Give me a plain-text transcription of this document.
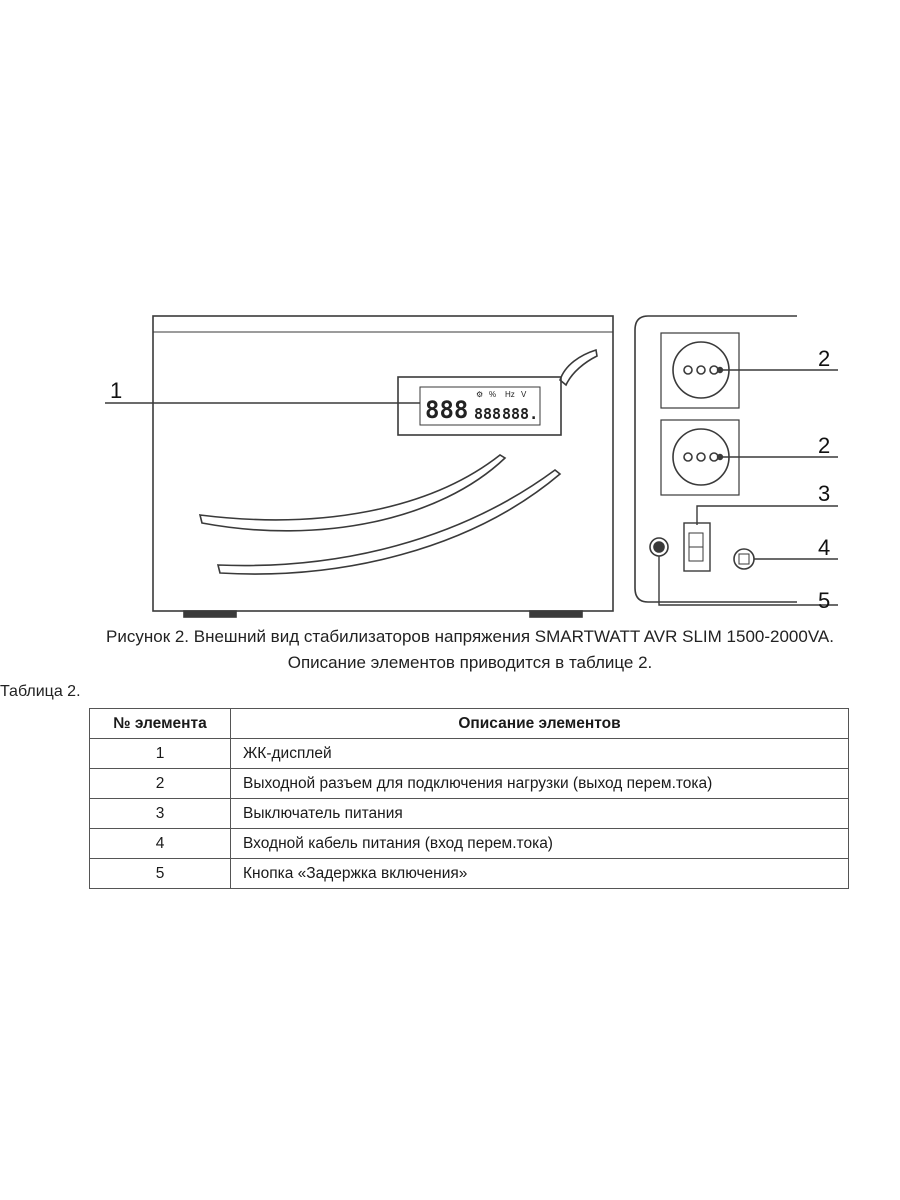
888 888 888.
⚙ % Hz V
1
2
2
3
4
5
Рисунок 2. Внешний вид стабилизаторов напряжения SMARTWATT AVR SLIM 1500-2000VA.
Описание элементов приводится в таблице 2.
Таблица 2.
№ элемента	Описание элементов
1	ЖК-дисплей
2	Выходной разъем для подключения нагрузки (выход перем.тока)
3	Выключатель питания
4	Входной кабель питания (вход перем.тока)
5	Кнопка «Задержка включения»
